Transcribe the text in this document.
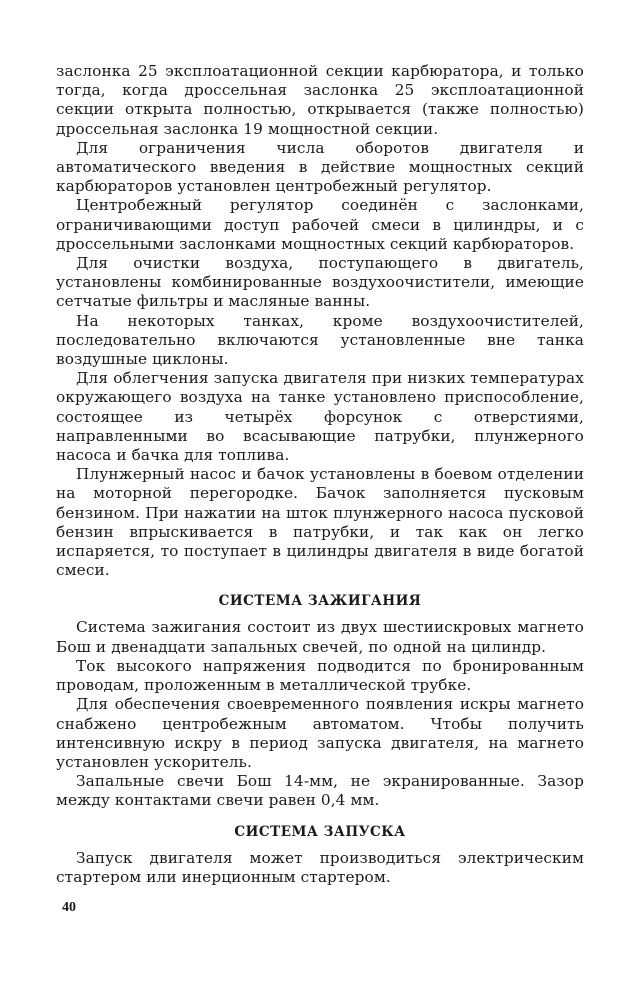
заслонка 25 эксплоатационной секции карбюратора, и только тогда, когда дроссельная заслонка 25 эксплоатационной секции открыта полностью, открывается (также полностью) дроссельная заслонка 19 мощностной секции.

Для ограничения числа оборотов двигателя и автоматического введения в действие мощностных секций карбюраторов установлен центробежный регулятор.

Центробежный регулятор соединён с заслонками, ограничивающими доступ рабочей смеси в цилиндры, и с дроссельными заслонками мощностных секций карбюраторов.

Для очистки воздуха, поступающего в двигатель, установлены комбинированные воздухоочистители, имеющие сетчатые фильтры и масляные ванны.

На некоторых танках, кроме воздухоочистителей, последовательно включаются установленные вне танка воздушные циклоны.

Для облегчения запуска двигателя при низких температурах окружающего воздуха на танке установлено приспособление, состоящее из четырёх форсунок с отверстиями, направленными во всасывающие патрубки, плунжерного насоса и бачка для топлива.

Плунжерный насос и бачок установлены в боевом отделении на моторной перегородке. Бачок заполняется пусковым бензином. При нажатии на шток плунжерного насоса пусковой бензин впрыскивается в патрубки, и так как он легко испаряется, то поступает в цилиндры двигателя в виде богатой смеси.

СИСТЕМА ЗАЖИГАНИЯ

Система зажигания состоит из двух шестиискровых магнето Бош и двенадцати запальных свечей, по одной на цилиндр.

Ток высокого напряжения подводится по бронированным проводам, проложенным в металлической трубке.

Для обеспечения своевременного появления искры магнето снабжено центробежным автоматом. Чтобы получить интенсивную искру в период запуска двигателя, на магнето установлен ускоритель.

Запальные свечи Бош 14-мм, не экранированные. Зазор между контактами свечи равен 0,4 мм.

СИСТЕМА ЗАПУСКА

Запуск двигателя может производиться электрическим стартером или инерционным стартером.

40
